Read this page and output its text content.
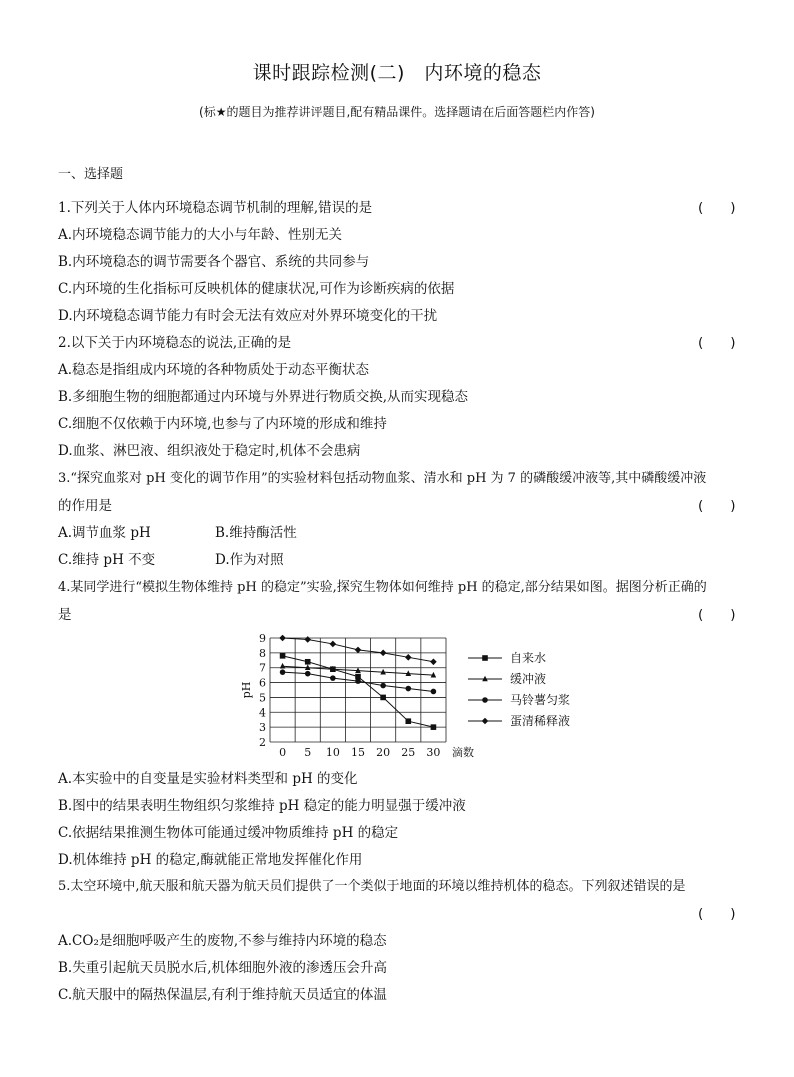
课时跟踪检测(二)　内环境的稳态
(标★的题目为推荐讲评题目,配有精品课件。选择题请在后面答题栏内作答)
一、选择题
1.下列关于人体内环境稳态调节机制的理解,错误的是	(　　)
A.内环境稳态调节能力的大小与年龄、性别无关
B.内环境稳态的调节需要各个器官、系统的共同参与
C.内环境的生化指标可反映机体的健康状况,可作为诊断疾病的依据
D.内环境稳态调节能力有时会无法有效应对外界环境变化的干扰
2.以下关于内环境稳态的说法,正确的是	(　　)
A.稳态是指组成内环境的各种物质处于动态平衡状态
B.多细胞生物的细胞都通过内环境与外界进行物质交换,从而实现稳态
C.细胞不仅依赖于内环境,也参与了内环境的形成和维持
D.血浆、淋巴液、组织液处于稳定时,机体不会患病
3.“探究血浆对 pH 变化的调节作用”的实验材料包括动物血浆、清水和 pH 为 7 的磷酸缓冲液等,其中磷酸缓冲液
的作用是	(　　)
A.调节血浆 pH	B.维持酶活性
C.维持 pH 不变	D.作为对照
4.某同学进行“模拟生物体维持 pH 的稳定”实验,探究生物体如何维持 pH 的稳定,部分结果如图。据图分析正确的
是	(　　)
2
3
4
5
6
7
8
9
0 5 10 15 20 25 30 滴数
pH
自来水
缓冲液
马铃薯匀浆
蛋清稀释液
A.本实验中的自变量是实验材料类型和 pH 的变化
B.图中的结果表明生物组织匀浆维持 pH 稳定的能力明显强于缓冲液
C.依据结果推测生物体可能通过缓冲物质维持 pH 的稳定
D.机体维持 pH 的稳定,酶就能正常地发挥催化作用
5.太空环境中,航天服和航天器为航天员们提供了一个类似于地面的环境以维持机体的稳态。下列叙述错误的是
(　　)
A.CO₂是细胞呼吸产生的废物,不参与维持内环境的稳态
B.失重引起航天员脱水后,机体细胞外液的渗透压会升高
C.航天服中的隔热保温层,有利于维持航天员适宜的体温
